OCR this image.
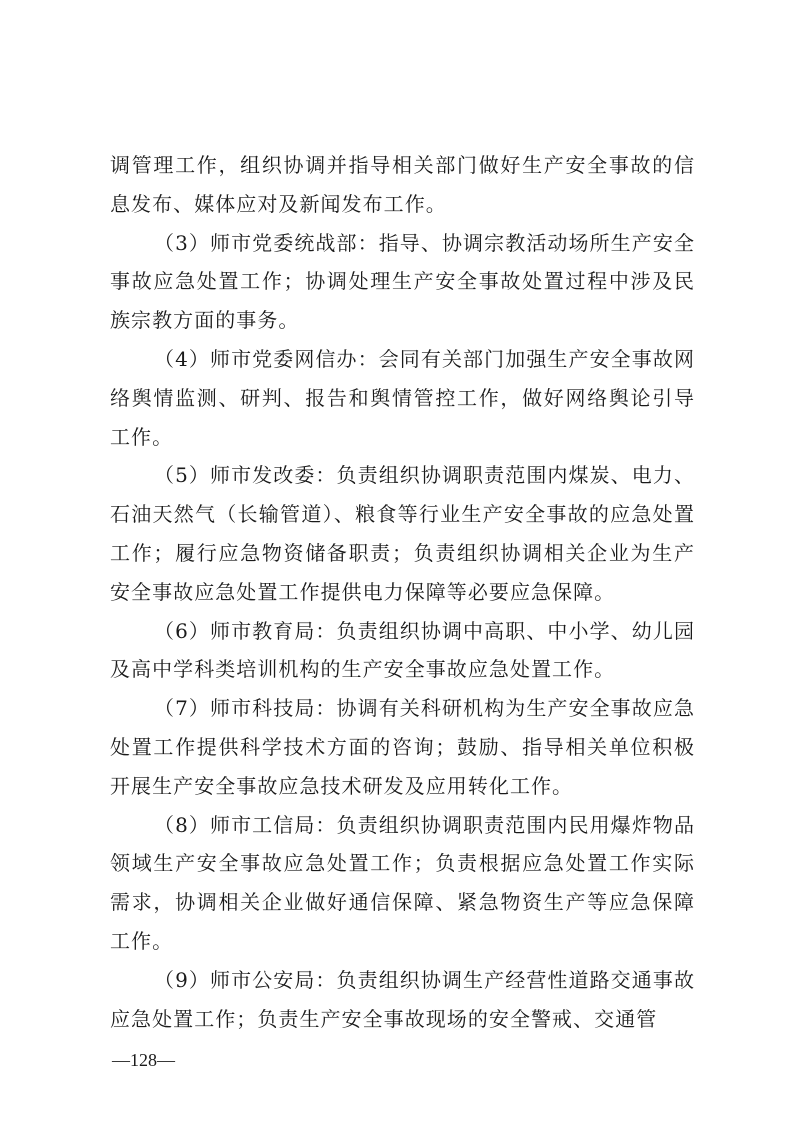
调管理工作，组织协调并指导相关部门做好生产安全事故的信息发布、媒体应对及新闻发布工作。

（3）师市党委统战部：指导、协调宗教活动场所生产安全事故应急处置工作；协调处理生产安全事故处置过程中涉及民族宗教方面的事务。

（4）师市党委网信办：会同有关部门加强生产安全事故网络舆情监测、研判、报告和舆情管控工作，做好网络舆论引导工作。

（5）师市发改委：负责组织协调职责范围内煤炭、电力、石油天然气（长输管道）、粮食等行业生产安全事故的应急处置工作；履行应急物资储备职责；负责组织协调相关企业为生产安全事故应急处置工作提供电力保障等必要应急保障。

（6）师市教育局：负责组织协调中高职、中小学、幼儿园及高中学科类培训机构的生产安全事故应急处置工作。

（7）师市科技局：协调有关科研机构为生产安全事故应急处置工作提供科学技术方面的咨询；鼓励、指导相关单位积极开展生产安全事故应急技术研发及应用转化工作。

（8）师市工信局：负责组织协调职责范围内民用爆炸物品领域生产安全事故应急处置工作；负责根据应急处置工作实际需求，协调相关企业做好通信保障、紧急物资生产等应急保障工作。

（9）师市公安局：负责组织协调生产经营性道路交通事故应急处置工作；负责生产安全事故现场的安全警戒、交通管

—128—
